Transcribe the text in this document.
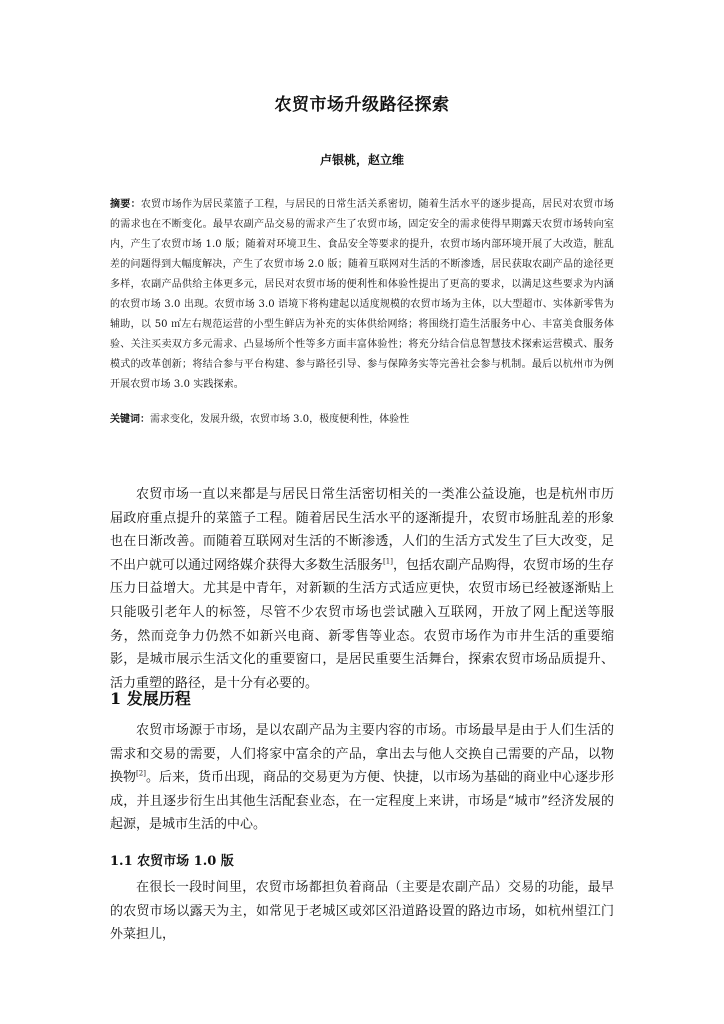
农贸市场升级路径探索
卢银桃，赵立维
摘要：农贸市场作为居民菜篮子工程，与居民的日常生活关系密切，随着生活水平的逐步提高，居民对农贸市场的需求也在不断变化。最早农副产品交易的需求产生了农贸市场，固定安全的需求使得早期露天农贸市场转向室内，产生了农贸市场 1.0 版；随着对环境卫生、食品安全等要求的提升，农贸市场内部环境开展了大改造，脏乱差的问题得到大幅度解决，产生了农贸市场 2.0 版；随着互联网对生活的不断渗透，居民获取农副产品的途径更多样，农副产品供给主体更多元，居民对农贸市场的便利性和体验性提出了更高的要求，以满足这些要求为内涵的农贸市场 3.0 出现。农贸市场 3.0 语境下将构建起以适度规模的农贸市场为主体，以大型超市、实体新零售为辅助，以 50 ㎡左右规范运营的小型生鲜店为补充的实体供给网络；将围绕打造生活服务中心、丰富美食服务体验、关注买卖双方多元需求、凸显场所个性等多方面丰富体验性；将充分结合信息智慧技术探索运营模式、服务模式的改革创新；将结合参与平台构建、参与路径引导、参与保障务实等完善社会参与机制。最后以杭州市为例开展农贸市场 3.0 实践探索。
关键词：需求变化，发展升级，农贸市场 3.0，极度便利性，体验性

农贸市场一直以来都是与居民日常生活密切相关的一类准公益设施，也是杭州市历届政府重点提升的菜篮子工程。随着居民生活水平的逐渐提升，农贸市场脏乱差的形象也在日渐改善。而随着互联网对生活的不断渗透，人们的生活方式发生了巨大改变，足不出户就可以通过网络媒介获得大多数生活服务[1]，包括农副产品购得，农贸市场的生存压力日益增大。尤其是中青年，对新颖的生活方式适应更快，农贸市场已经被逐渐贴上只能吸引老年人的标签，尽管不少农贸市场也尝试融入互联网，开放了网上配送等服务，然而竞争力仍然不如新兴电商、新零售等业态。农贸市场作为市井生活的重要缩影，是城市展示生活文化的重要窗口，是居民重要生活舞台，探索农贸市场品质提升、活力重塑的路径，是十分有必要的。

1 发展历程

农贸市场源于市场，是以农副产品为主要内容的市场。市场最早是由于人们生活的需求和交易的需要，人们将家中富余的产品，拿出去与他人交换自己需要的产品，以物换物[2]。后来，货币出现，商品的交易更为方便、快捷，以市场为基础的商业中心逐步形成，并且逐步衍生出其他生活配套业态，在一定程度上来讲，市场是“城市”经济发展的起源，是城市生活的中心。

1.1 农贸市场 1.0 版

在很长一段时间里，农贸市场都担负着商品（主要是农副产品）交易的功能，最早的农贸市场以露天为主，如常见于老城区或郊区沿道路设置的路边市场，如杭州望江门外菜担儿，
